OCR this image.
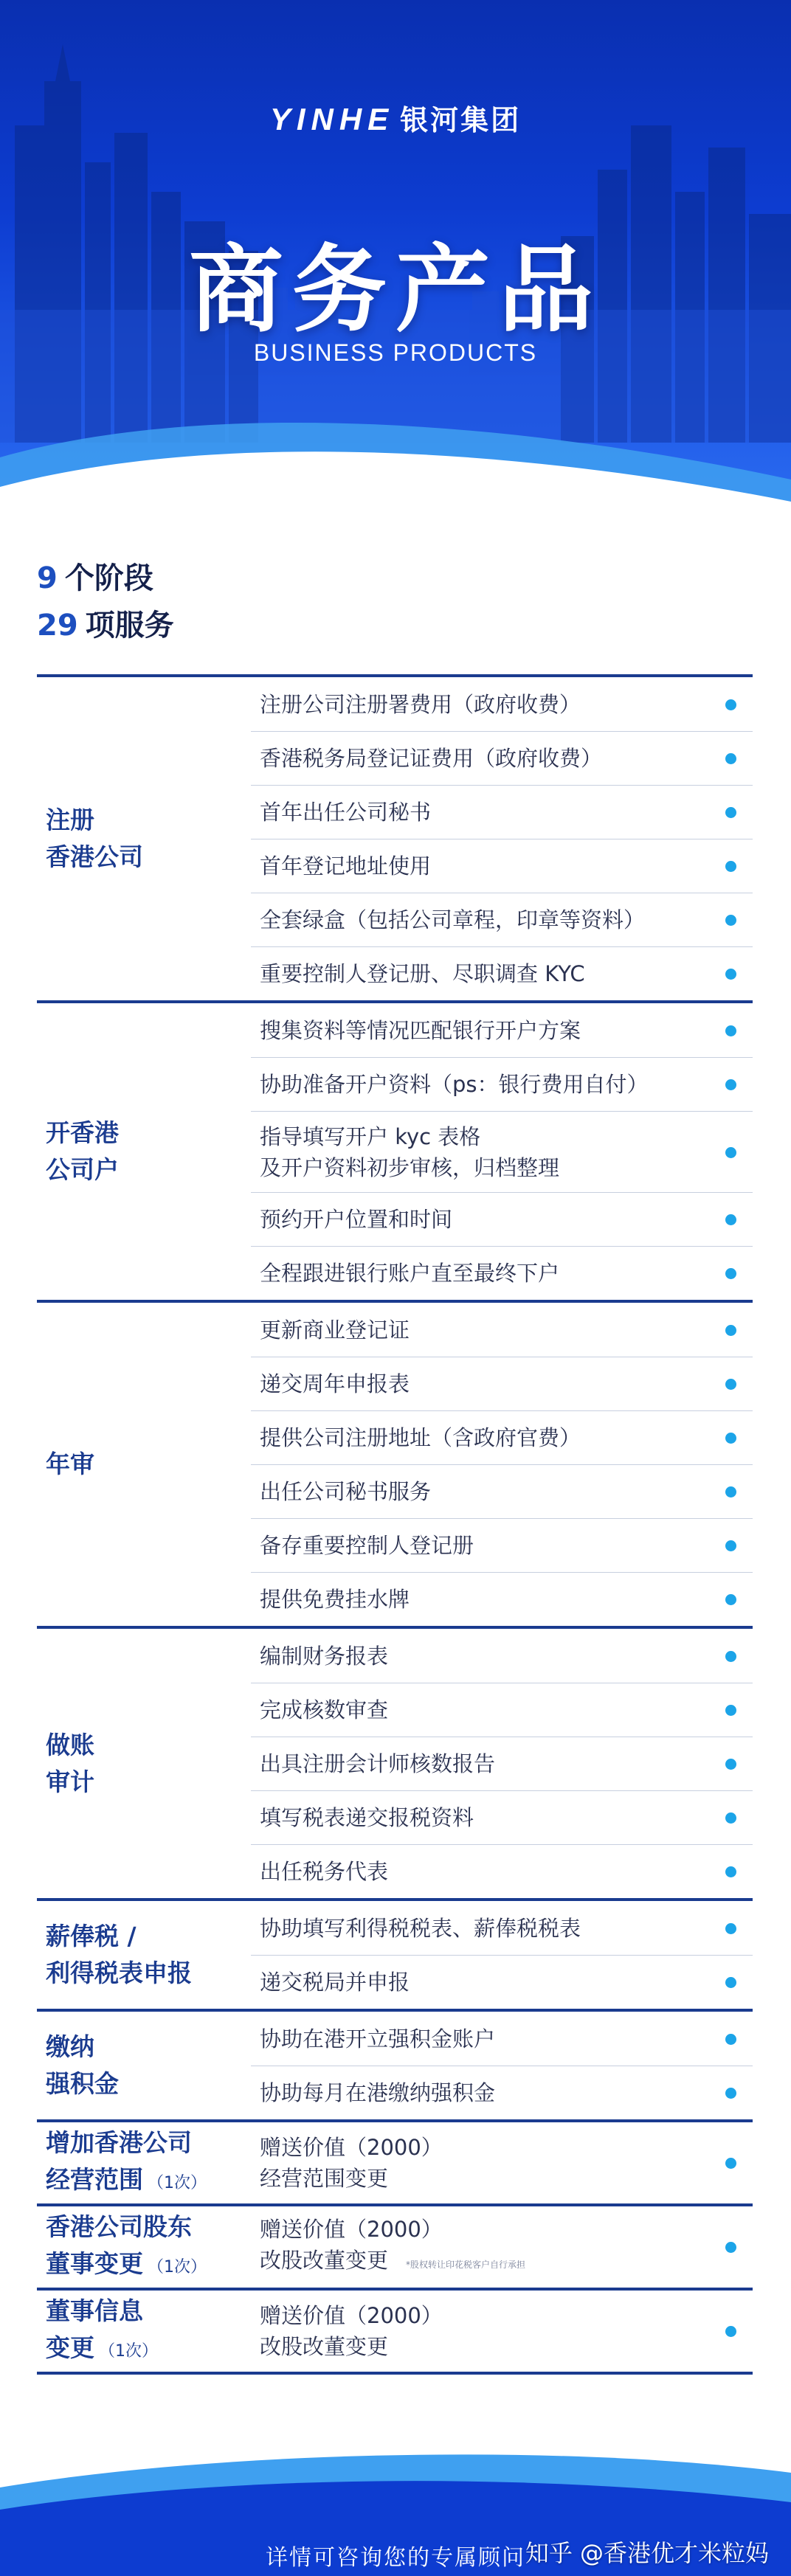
YINHE 银河集团
商务产品
BUSINESS PRODUCTS
9 个阶段
29 项服务
注册
香港公司
注册公司注册署费用（政府收费）
香港税务局登记证费用（政府收费）
首年出任公司秘书
首年登记地址使用
全套绿盒（包括公司章程，印章等资料）
重要控制人登记册、尽职调查 KYC
开香港
公司户
搜集资料等情况匹配银行开户方案
协助准备开户资料（ps：银行费用自付）
指导填写开户 kyc 表格
及开户资料初步审核，归档整理
预约开户位置和时间
全程跟进银行账户直至最终下户
年审
更新商业登记证
递交周年申报表
提供公司注册地址（含政府官费）
出任公司秘书服务
备存重要控制人登记册
提供免费挂水牌
做账
审计
编制财务报表
完成核数审查
出具注册会计师核数报告
填写税表递交报税资料
出任税务代表
薪俸税 /
利得税表申报
协助填写利得税税表、薪俸税税表
递交税局并申报
缴纳
强积金
协助在港开立强积金账户
协助每月在港缴纳强积金
增加香港公司
经营范围 （1次）
赠送价值（2000）
经营范围变更
香港公司股东
董事变更 （1次）
赠送价值（2000）
改股改董变更 *股权转让印花税客户自行承担
董事信息
变更 （1次）
赠送价值（2000）
改股改董变更
详情可咨询您的专属顾问 知乎 @香港优才米粒妈
